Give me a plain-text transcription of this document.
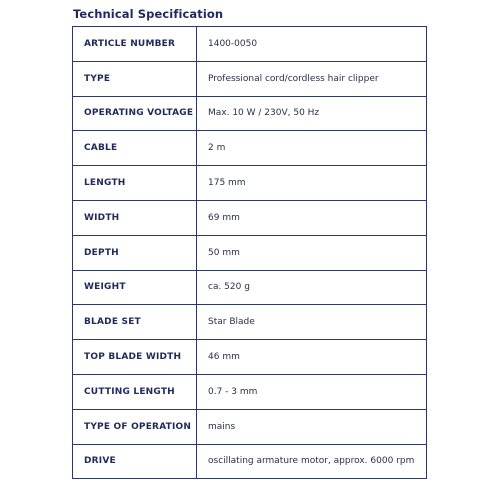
Technical Specification
ARTICLE NUMBER	1400-0050
TYPE	Professional cord/cordless hair clipper
OPERATING VOLTAGE	Max. 10 W / 230V, 50 Hz
CABLE	2 m
LENGTH	175 mm
WIDTH	69 mm
DEPTH	50 mm
WEIGHT	ca. 520 g
BLADE SET	Star Blade
TOP BLADE WIDTH	46 mm
CUTTING LENGTH	0.7 - 3 mm
TYPE OF OPERATION	mains
DRIVE	oscillating armature motor, approx. 6000 rpm
